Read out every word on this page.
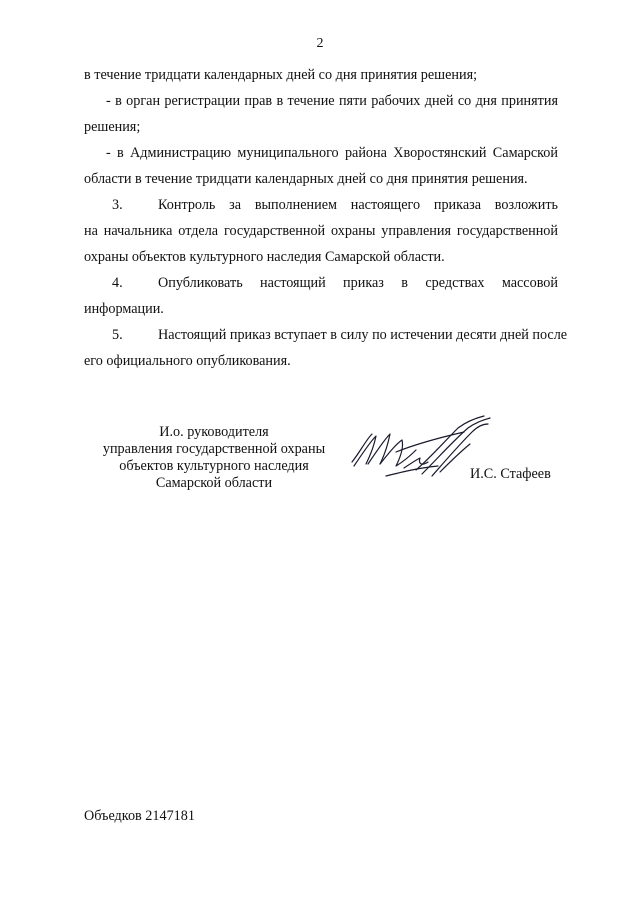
2
в течение тридцати календарных дней со дня принятия решения;
- в орган регистрации прав в течение пяти рабочих дней со дня принятия
решения;
- в Администрацию муниципального района Хворостянский Самарской
области в течение тридцати календарных дней со дня принятия решения.
3.	Контроль за выполнением настоящего приказа возложить
на начальника отдела государственной охраны управления государственной
охраны объектов культурного наследия Самарской области.
4.	Опубликовать настоящий приказ в средствах массовой
информации.
5.	Настоящий приказ вступает в силу по истечении десяти дней после
его официального опубликования.
И.о. руководителя
управления государственной охраны
объектов культурного наследия
Самарской области
И.С. Стафеев
Объедков 2147181
